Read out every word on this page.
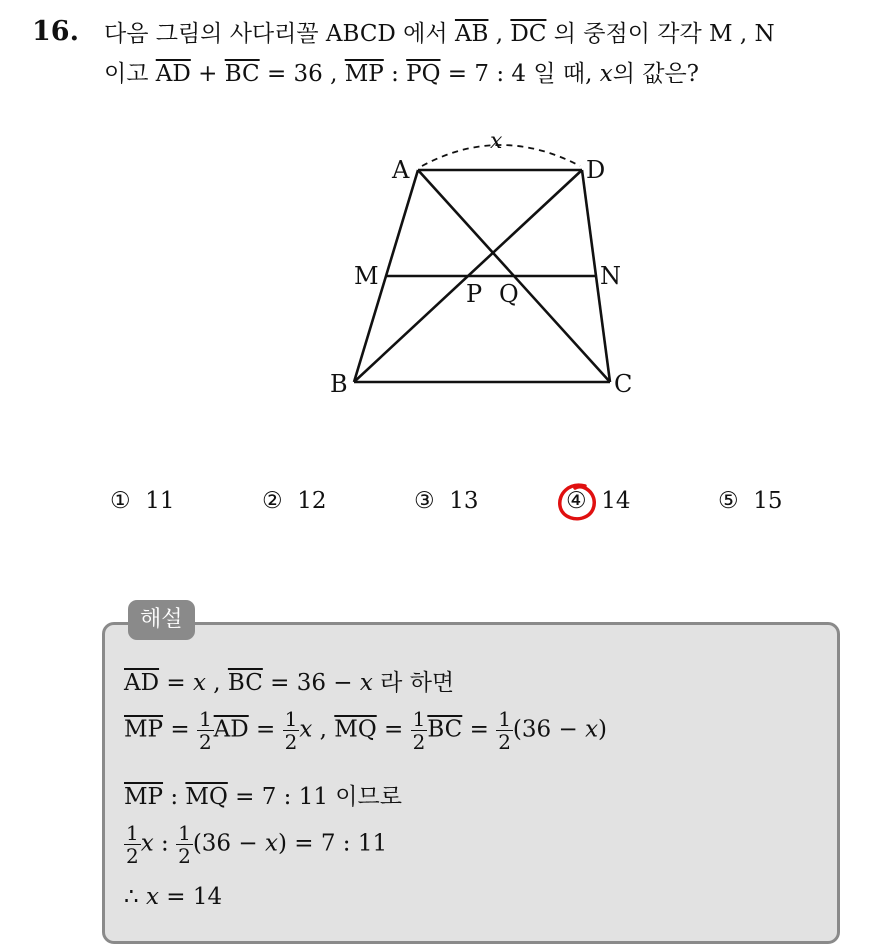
16. 다음 그림의 사다리꼴 ABCD 에서 $\overline{AB}$ , $\overline{DC}$ 의 중점이 각각 M , N
이고 $\overline{AD} + \overline{BC} = 36$ , $\overline{MP}$ : $\overline{PQ} = 7$ : 4 일 때, x의 값은?
x
A	D
M	N
P Q
B	C
① 11	② 12	③ 13	④ 14	⑤ 15
해설
$\overline{AD} = x$ , $\overline{BC} = 36 - x$ 라 하면
$\overline{MP} = \frac{1}{2} \overline{AD} = \frac{1}{2}$ x , $\overline{MQ} = \frac{1}{2} \overline{BC} = \frac{1}{2} (36 - x)$
$\overline{MP}$ : $\overline{MQ} = 7$ : 11 이므로
$\frac{1}{2}$ x : $\frac{1}{2} (36 - x) = 7$ : 11
∴ x = 14
